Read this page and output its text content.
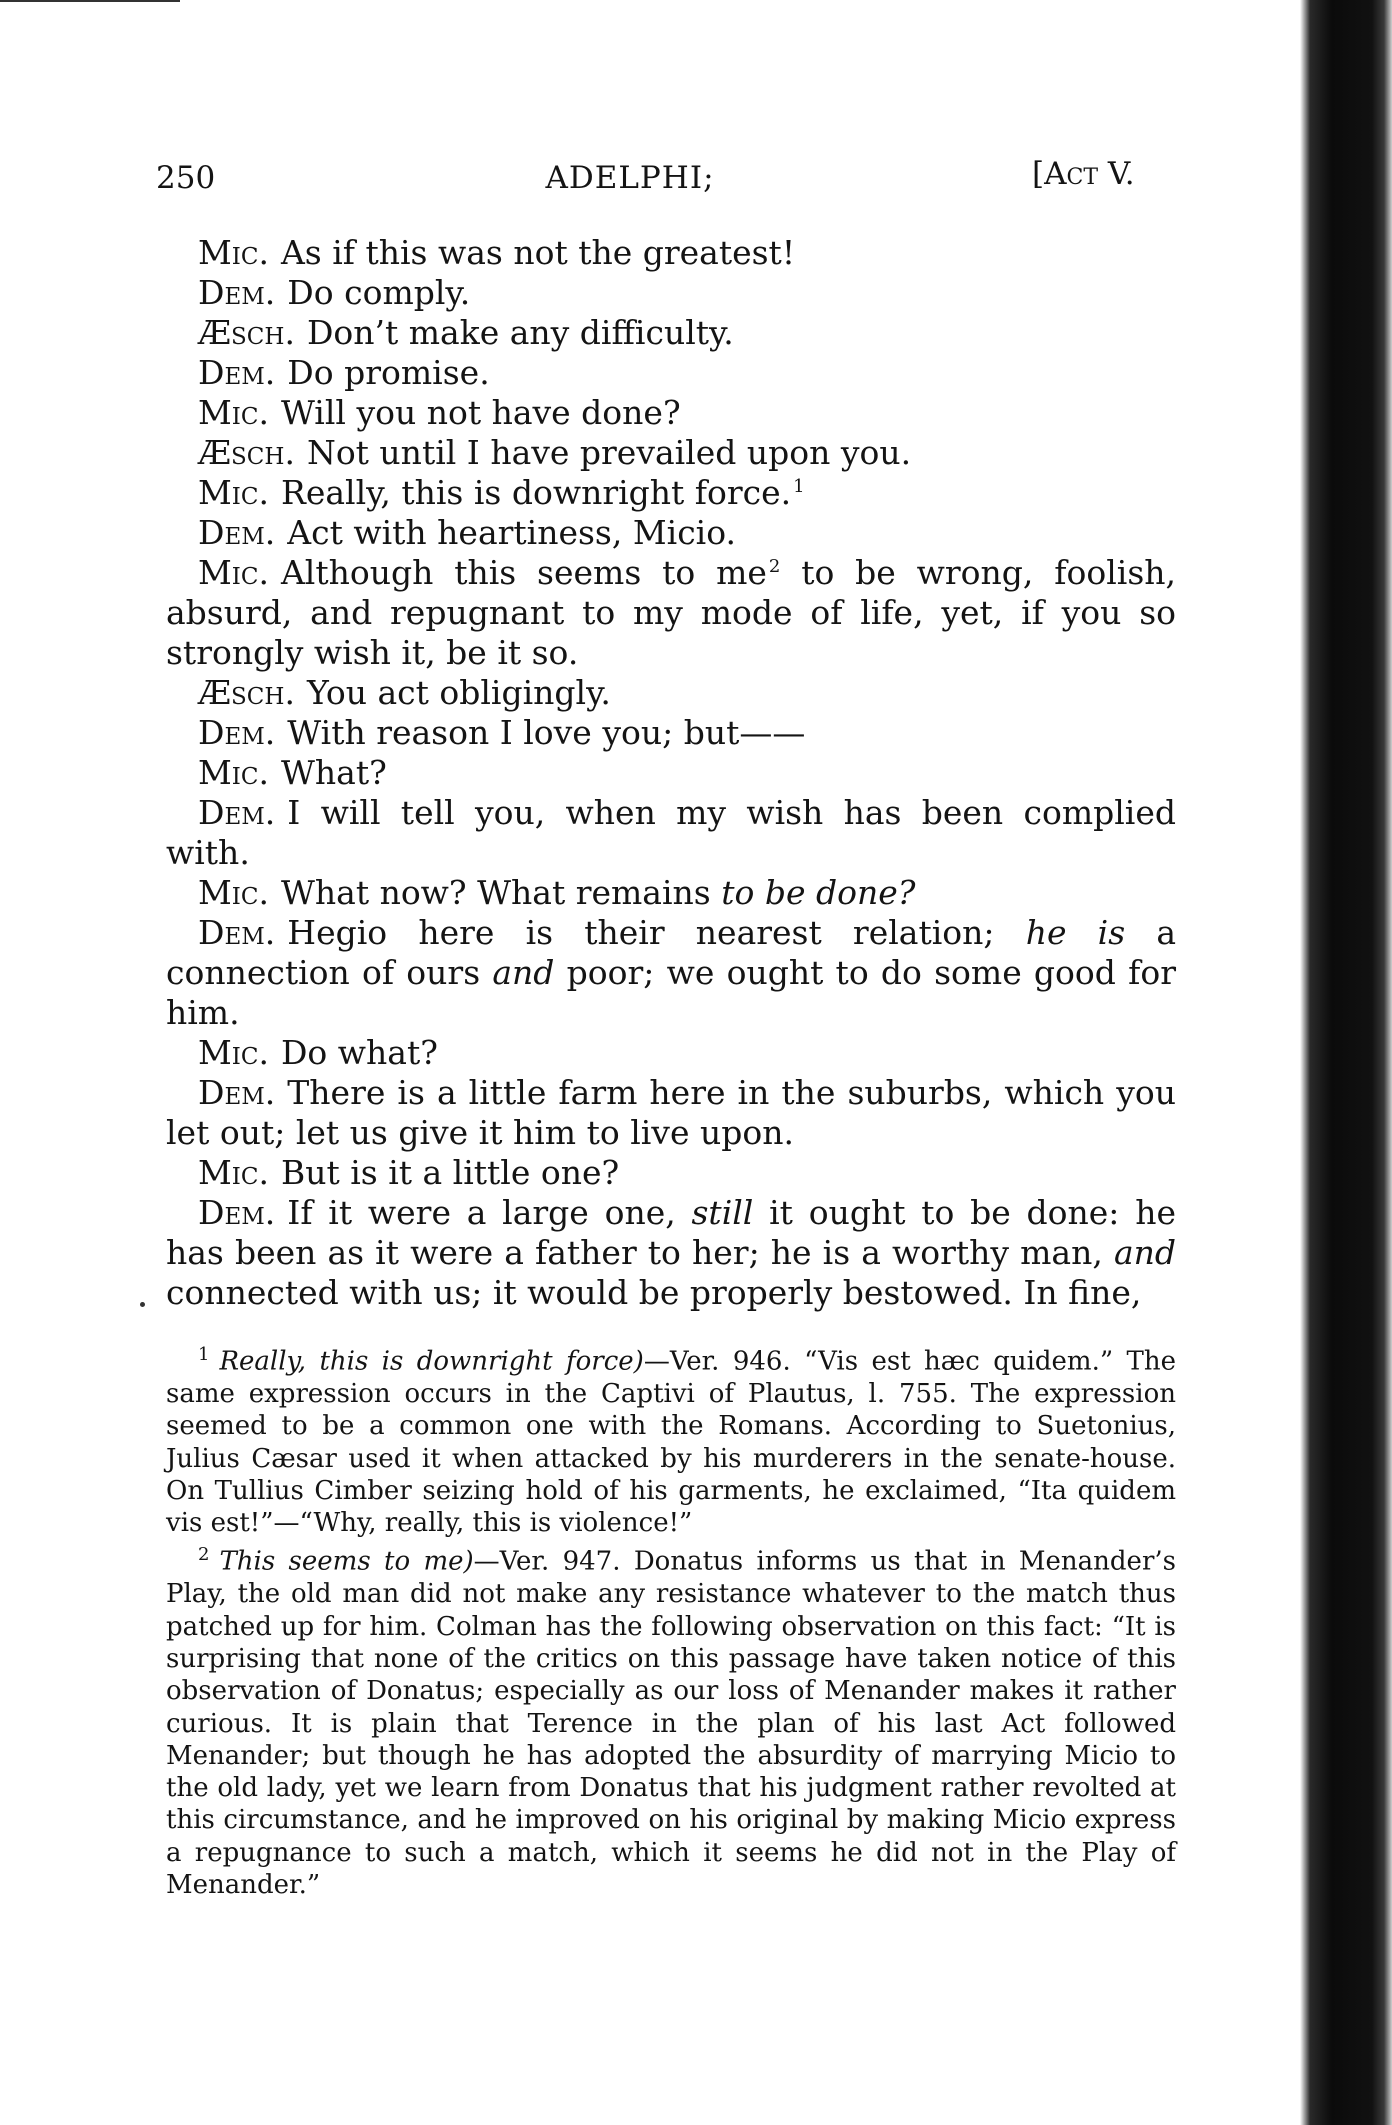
250	ADELPHI;	[Act V.

Mic. As if this was not the greatest!

Dem. Do comply.

Æsch. Don’t make any difficulty.

Dem. Do promise.

Mic. Will you not have done?

Æsch. Not until I have prevailed upon you.

Mic. Really, this is downright force. $^1$

Dem. Act with heartiness, Micio.

Mic. Although this seems to me $^2$ to be wrong, foolish, absurd, and repugnant to my mode of life, yet, if you so strongly wish it, be it so.

Æsch. You act obligingly.

Dem. With reason I love you; but——

Mic. What?

Dem. I will tell you, when my wish has been complied with.

Mic. What now? What remains to be done?

Dem. Hegio here is their nearest relation; he is a connection of ours and poor; we ought to do some good for him.

Mic. Do what?

Dem. There is a little farm here in the suburbs, which you let out; let us give it him to live upon.

Mic. But is it a little one?

Dem. If it were a large one, still it ought to be done: he has been as it were a father to her; he is a worthy man, and connected with us; it would be properly bestowed. In fine,

$^1$ Really, this is downright force)—Ver. 946. “Vis est hæc quidem.” The same expression occurs in the Captivi of Plautus, l. 755. The expression seemed to be a common one with the Romans. According to Suetonius, Julius Cæsar used it when attacked by his murderers in the senate-house. On Tullius Cimber seizing hold of his garments, he exclaimed, “Ita quidem vis est!”—“Why, really, this is violence!”

$^2$ This seems to me)—Ver. 947. Donatus informs us that in Menander’s Play, the old man did not make any resistance whatever to the match thus patched up for him. Colman has the following observation on this fact: “It is surprising that none of the critics on this passage have taken notice of this observation of Donatus; especially as our loss of Menander makes it rather curious. It is plain that Terence in the plan of his last Act followed Menander; but though he has adopted the absurdity of marrying Micio to the old lady, yet we learn from Donatus that his judgment rather revolted at this circumstance, and he improved on his original by making Micio express a repugnance to such a match, which it seems he did not in the Play of Menander.”
